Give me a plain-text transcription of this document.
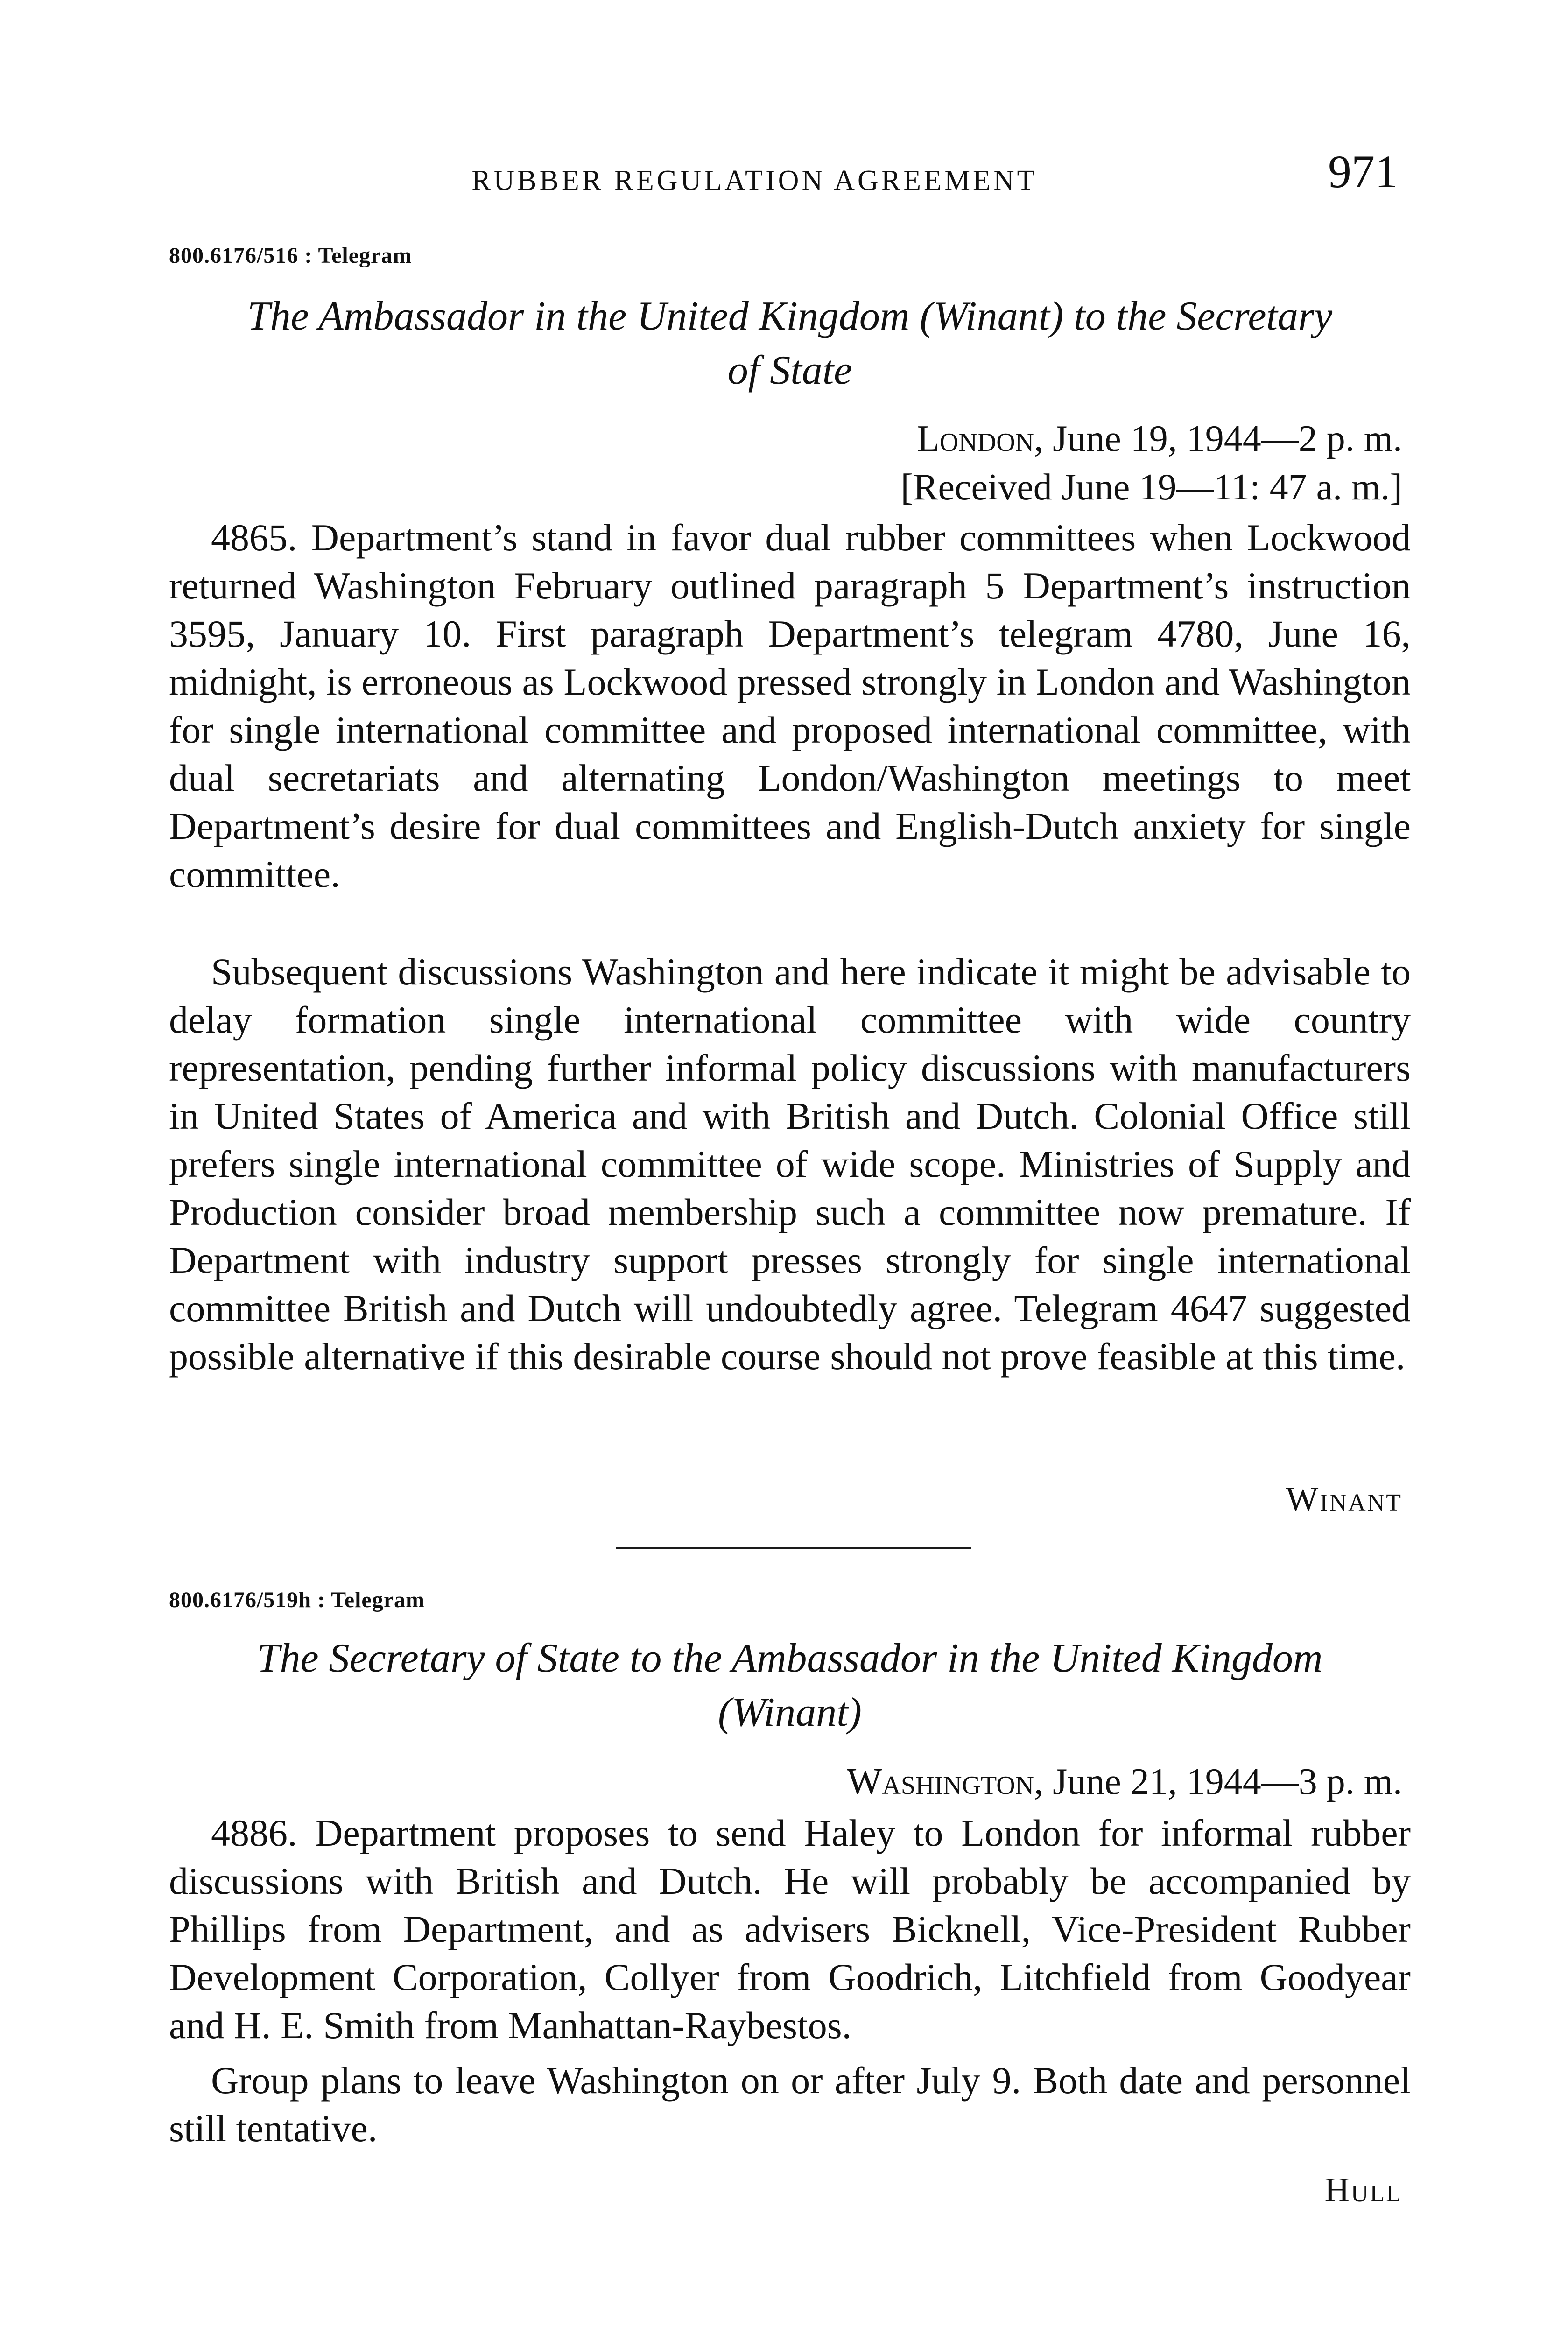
RUBBER REGULATION AGREEMENT	971
800.6176/516 : Telegram
The Ambassador in the United Kingdom (Winant) to the Secretary
of State
London, June 19, 1944—2 p. m.
[Received June 19—11: 47 a. m.]

4865. Department’s stand in favor dual rubber committees when Lockwood returned Washington February outlined paragraph 5 Department’s instruction 3595, January 10. First paragraph Department’s telegram 4780, June 16, midnight, is erroneous as Lockwood pressed strongly in London and Washington for single international committee and proposed international committee, with dual secretariats and alternating London/Washington meetings to meet Department’s desire for dual committees and English-Dutch anxiety for single committee.

Subsequent discussions Washington and here indicate it might be advisable to delay formation single international committee with wide country representation, pending further informal policy discussions with manufacturers in United States of America and with British and Dutch. Colonial Office still prefers single international committee of wide scope. Ministries of Supply and Production consider broad membership such a committee now premature. If Department with industry support presses strongly for single international committee British and Dutch will undoubtedly agree. Telegram 4647 suggested possible alternative if this desirable course should not prove feasible at this time.

Winant
800.6176/519h : Telegram
The Secretary of State to the Ambassador in the United Kingdom
(Winant)
Washington, June 21, 1944—3 p. m.

4886. Department proposes to send Haley to London for informal rubber discussions with British and Dutch. He will probably be accompanied by Phillips from Department, and as advisers Bicknell, Vice-President Rubber Development Corporation, Collyer from Goodrich, Litchfield from Goodyear and H. E. Smith from Manhattan-Raybestos.

Group plans to leave Washington on or after July 9. Both date and personnel still tentative.

Hull
